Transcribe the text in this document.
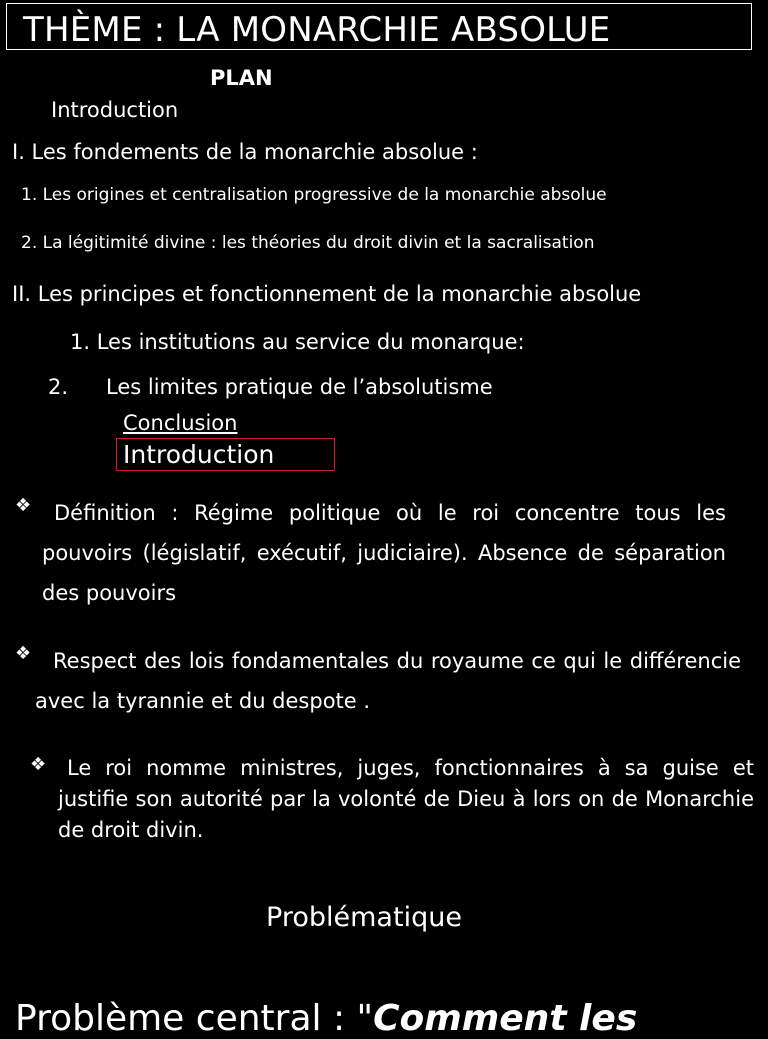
THÈME : LA MONARCHIE ABSOLUE
PLAN
Introduction
I. Les fondements de la monarchie absolue :
1. Les origines et centralisation progressive de la monarchie absolue
2. La légitimité divine : les théories du droit divin et la sacralisation
II. Les principes et fonctionnement de la monarchie absolue
1. Les institutions au service du monarque:
2. Les limites pratique de l’absolutisme
Conclusion
Introduction
❖	Définition : Régime politique où le roi concentre tous les pouvoirs (législatif, exécutif, judiciaire). Absence de séparation des pouvoirs
❖	Respect des lois fondamentales du royaume ce qui le différencie avec la tyrannie et du despote .
❖ Le roi nomme ministres, juges, fonctionnaires à sa guise et justifie son autorité par la volonté de Dieu à lors on de Monarchie de droit divin.
Problématique
Problème central : "Comment les
